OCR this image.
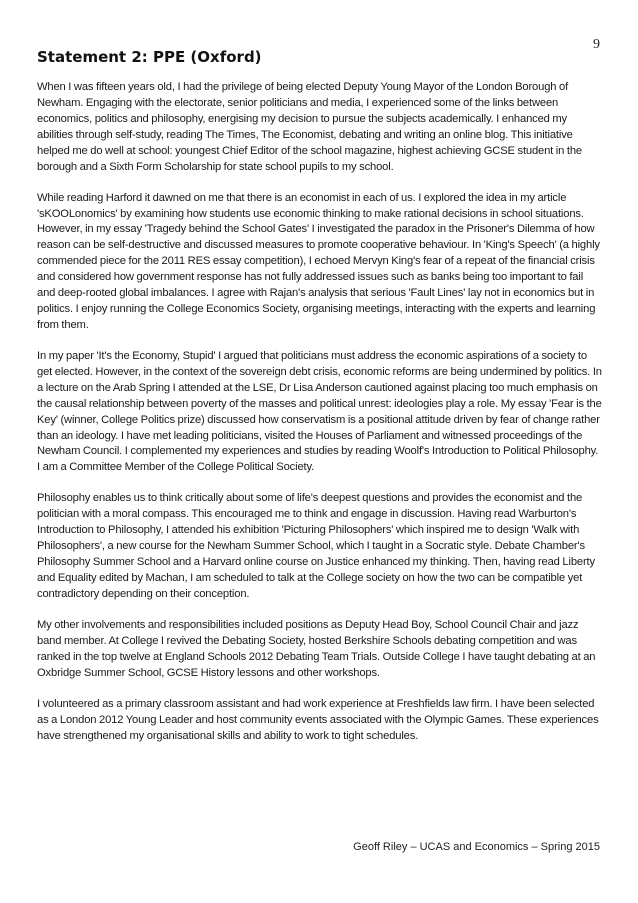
9
Statement 2: PPE (Oxford)

When I was fifteen years old, I had the privilege of being elected Deputy Young Mayor of the London Borough of Newham. Engaging with the electorate, senior politicians and media, I experienced some of the links between economics, politics and philosophy, energising my decision to pursue the subjects academically. I enhanced my abilities through self-study, reading The Times, The Economist, debating and writing an online blog. This initiative helped me do well at school: youngest Chief Editor of the school magazine, highest achieving GCSE student in the borough and a Sixth Form Scholarship for state school pupils to my school.

While reading Harford it dawned on me that there is an economist in each of us. I explored the idea in my article 'sKOOLonomics' by examining how students use economic thinking to make rational decisions in school situations. However, in my essay 'Tragedy behind the School Gates' I investigated the paradox in the Prisoner's Dilemma of how reason can be self-destructive and discussed measures to promote cooperative behaviour. In 'King's Speech' (a highly commended piece for the 2011 RES essay competition), I echoed Mervyn King's fear of a repeat of the financial crisis and considered how government response has not fully addressed issues such as banks being too important to fail and deep-rooted global imbalances. I agree with Rajan's analysis that serious 'Fault Lines' lay not in economics but in politics. I enjoy running the College Economics Society, organising meetings, interacting with the experts and learning from them.

In my paper 'It's the Economy, Stupid' I argued that politicians must address the economic aspirations of a society to get elected. However, in the context of the sovereign debt crisis, economic reforms are being undermined by politics. In a lecture on the Arab Spring I attended at the LSE, Dr Lisa Anderson cautioned against placing too much emphasis on the causal relationship between poverty of the masses and political unrest: ideologies play a role. My essay 'Fear is the Key' (winner, College Politics prize) discussed how conservatism is a positional attitude driven by fear of change rather than an ideology. I have met leading politicians, visited the Houses of Parliament and witnessed proceedings of the Newham Council. I complemented my experiences and studies by reading Woolf's Introduction to Political Philosophy. I am a Committee Member of the College Political Society.

Philosophy enables us to think critically about some of life's deepest questions and provides the economist and the politician with a moral compass. This encouraged me to think and engage in discussion. Having read Warburton's Introduction to Philosophy, I attended his exhibition 'Picturing Philosophers' which inspired me to design 'Walk with Philosophers', a new course for the Newham Summer School, which I taught in a Socratic style. Debate Chamber's Philosophy Summer School and a Harvard online course on Justice enhanced my thinking. Then, having read Liberty and Equality edited by Machan, I am scheduled to talk at the College society on how the two can be compatible yet contradictory depending on their conception.

My other involvements and responsibilities included positions as Deputy Head Boy, School Council Chair and jazz band member. At College I revived the Debating Society, hosted Berkshire Schools debating competition and was ranked in the top twelve at England Schools 2012 Debating Team Trials. Outside College I have taught debating at an Oxbridge Summer School, GCSE History lessons and other workshops.

I volunteered as a primary classroom assistant and had work experience at Freshfields law firm. I have been selected as a London 2012 Young Leader and host community events associated with the Olympic Games. These experiences have strengthened my organisational skills and ability to work to tight schedules.

Geoff Riley – UCAS and Economics – Spring 2015
